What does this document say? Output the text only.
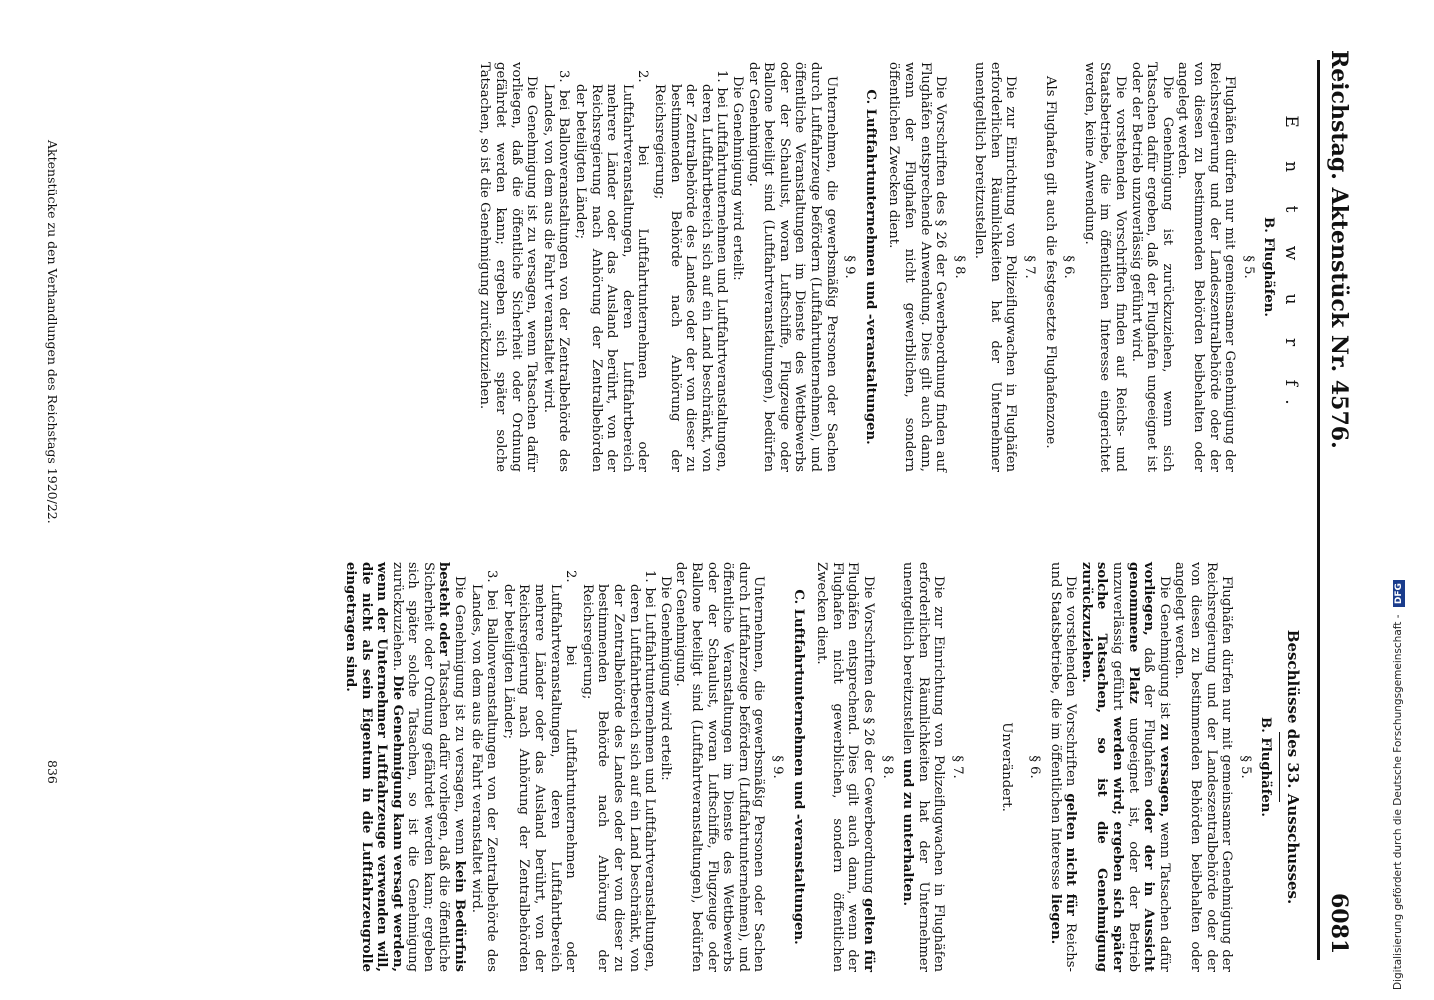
Reichstag. Aktenstück Nr. 4576.
6081
E n t w u r f.
B. Flughäfen.
§ 5.

Flughäfen dürfen nur mit gemeinsamer Genehmigung der Reichsregierung und der Landeszentralbehörde oder der von diesen zu bestimmenden Behörden beibehalten oder angelegt werden.

Die Genehmigung ist zurückzuziehen, wenn sich Tatsachen dafür ergeben, daß der Flughafen ungeeignet ist oder der Betrieb unzuverlässig geführt wird.

Die vorstehenden Vorschriften finden auf Reichs- und Staatsbetriebe, die im öffentlichen Interesse eingerichtet werden, keine Anwendung.

§ 6.

Als Flughafen gilt auch die festgesetzte Flughafenzone.

§ 7.

Die zur Einrichtung von Polizeiflugwachen in Flughäfen erforderlichen Räumlichkeiten hat der Unternehmer unentgeltlich bereitzustellen.

§ 8.

Die Vorschriften des § 26 der Gewerbeordnung finden auf Flughäfen entsprechende Anwendung. Dies gilt auch dann, wenn der Flughafen nicht gewerblichen, sondern öffentlichen Zwecken dient.

C. Luftfahrtunternehmen und -veranstaltungen.
§ 9.

Unternehmen, die gewerbsmäßig Personen oder Sachen durch Luftfahrzeuge befördern (Luftfahrtunternehmen), und öffentliche Veranstaltungen im Dienste des Wettbewerbs oder der Schaulust, woran Luftschiffe, Flugzeuge oder Ballone beteiligt sind (Luftfahrtveranstaltungen), bedürfen der Genehmigung.

Die Genehmigung wird erteilt:

1. bei Luftfahrtunternehmen und Luftfahrtveranstaltungen, deren Luftfahrtbereich sich auf ein Land beschränkt, von der Zentralbehörde des Landes oder der von dieser zu bestimmenden Behörde nach Anhörung der Reichsregierung;

2. bei Luftfahrtunternehmen oder Luftfahrtveranstaltungen, deren Luftfahrtbereich mehrere Länder oder das Ausland berührt, von der Reichsregierung nach Anhörung der Zentralbehörden der beteiligten Länder;

3. bei Ballonveranstaltungen von der Zentralbehörde des Landes, von dem aus die Fahrt veranstaltet wird.

Die Genehmigung ist zu versagen, wenn Tatsachen dafür vorliegen, daß die öffentliche Sicherheit oder Ordnung gefährdet werden kann; ergeben sich später solche Tatsachen, so ist die Genehmigung zurückzuziehen.

Beschlüsse des 33. Ausschusses.
B. Flughäfen.
§ 5.

Flughäfen dürfen nur mit gemeinsamer Genehmigung der Reichsregierung und der Landeszentralbehörde oder der von diesen zu bestimmenden Behörden beibehalten oder angelegt werden.

Die Genehmigung ist zu versagen, wenn Tatsachen dafür vorliegen, daß der Flughafen oder der in Aussicht genommene Platz ungeeignet ist, oder der Betrieb unzuverlässig geführt werden wird; ergeben sich später solche Tatsachen, so ist die Genehmigung zurückzuziehen.

Die vorstehenden Vorschriften gelten nicht für Reichs- und Staatsbetriebe, die im öffentlichen Interesse liegen.

§ 6.
Unverändert.
§ 7.

Die zur Einrichtung von Polizeiflugwachen in Flughäfen erforderlichen Räumlichkeiten hat der Unternehmer unentgeltlich bereitzustellen und zu unterhalten.

§ 8.

Die Vorschriften des § 26 der Gewerbeordnung gelten für Flughäfen entsprechend. Dies gilt auch dann, wenn der Flughafen nicht gewerblichen, sondern öffentlichen Zwecken dient.

C. Luftfahrtunternehmen und -veranstaltungen.
§ 9.

Unternehmen, die gewerbsmäßig Personen oder Sachen durch Luftfahrzeuge befördern (Luftfahrtunternehmen), und öffentliche Veranstaltungen im Dienste des Wettbewerbs oder der Schaulust, woran Luftschiffe, Flugzeuge oder Ballone beteiligt sind (Luftfahrtveranstaltungen), bedürfen der Genehmigung.

Die Genehmigung wird erteilt:

1. bei Luftfahrtunternehmen und Luftfahrtveranstaltungen, deren Luftfahrtbereich sich auf ein Land beschränkt, von der Zentralbehörde des Landes oder der von dieser zu bestimmenden Behörde nach Anhörung der Reichsregierung;

2. bei Luftfahrtunternehmen oder Luftfahrtveranstaltungen, deren Luftfahrtbereich mehrere Länder oder das Ausland berührt, von der Reichsregierung nach Anhörung der Zentralbehörden der beteiligten Länder;

3. bei Ballonveranstaltungen von der Zentralbehörde des Landes, von dem aus die Fahrt veranstaltet wird.

Die Genehmigung ist zu versagen, wenn kein Bedürfnis besteht oder Tatsachen dafür vorliegen, daß die öffentliche Sicherheit oder Ordnung gefährdet werden kann; ergeben sich später solche Tatsachen, so ist die Genehmigung zurückzuziehen. Die Genehmigung kann versagt werden, wenn der Unternehmer Luftfahrzeuge verwenden will, die nicht als sein Eigentum in die Luftfahrzeugrolle eingetragen sind.

Aktenstücke zu den Verhandlungen des Reichstags 1920/22.
836	Digitalisierung gefördert durch die Deutsche Forschungsgemeinschaft - DFG
